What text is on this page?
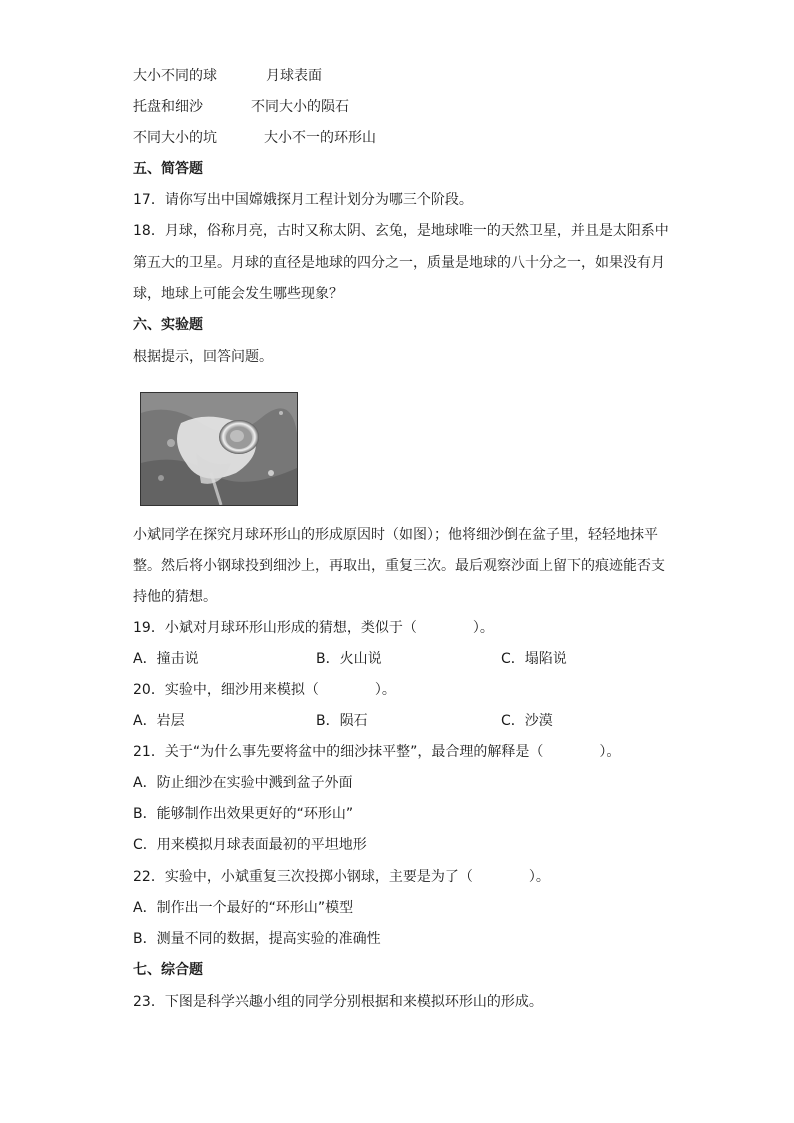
大小不同的球	月球表面
托盘和细沙	不同大小的陨石
不同大小的坑	大小不一的环形山
五、简答题
17．请你写出中国嫦娥探月工程计划分为哪三个阶段。
18．月球，俗称月亮，古时又称太阴、玄兔，是地球唯一的天然卫星，并且是太阳系中
第五大的卫星。月球的直径是地球的四分之一，质量是地球的八十分之一，如果没有月
球，地球上可能会发生哪些现象？
六、实验题
根据提示，回答问题。
小斌同学在探究月球环形山的形成原因时（如图）；他将细沙倒在盆子里，轻轻地抹平
整。然后将小钢球投到细沙上，再取出，重复三次。最后观察沙面上留下的痕迹能否支
持他的猜想。
19．小斌对月球环形山形成的猜想，类似于（　　　　）。
A．撞击说	B．火山说	C．塌陷说
20．实验中，细沙用来模拟（　　　　）。
A．岩层	B．陨石	C．沙漠
21．关于“为什么事先要将盆中的细沙抹平整”，最合理的解释是（　　　　）。
A．防止细沙在实验中溅到盆子外面
B．能够制作出效果更好的“环形山”
C．用来模拟月球表面最初的平坦地形
22．实验中，小斌重复三次投掷小钢球，主要是为了（　　　　）。
A．制作出一个最好的“环形山”模型
B．测量不同的数据，提高实验的准确性
七、综合题
23．下图是科学兴趣小组的同学分别根据和来模拟环形山的形成。
